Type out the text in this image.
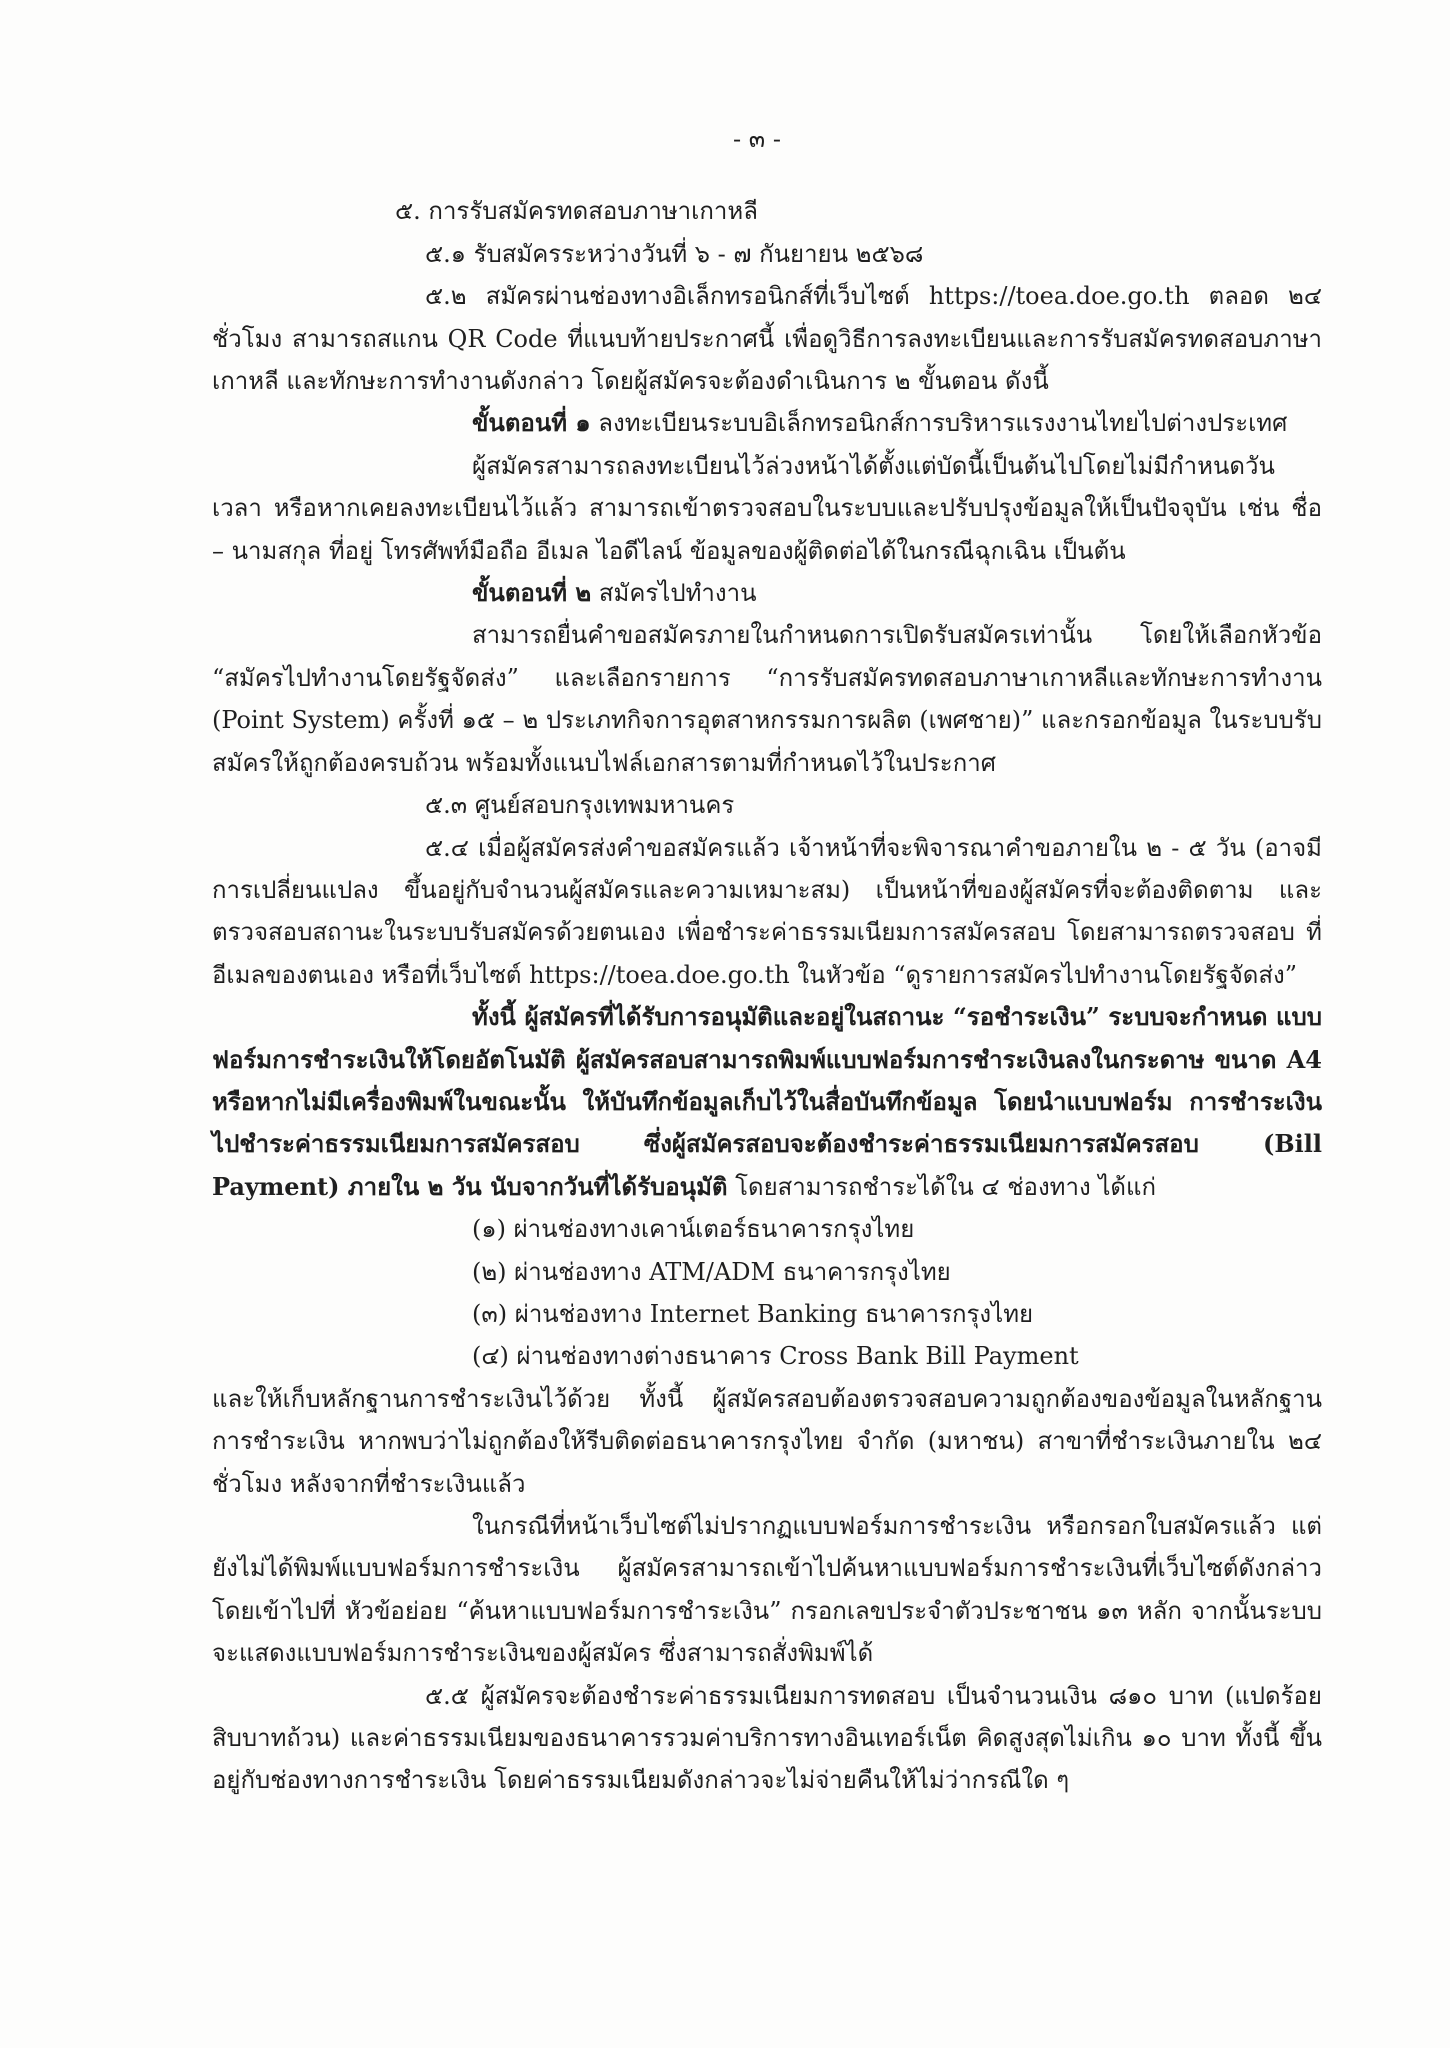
- ๓ -
๕. การรับสมัครทดสอบภาษาเกาหลี

๕.๑ รับสมัครระหว่างวันที่ ๖ - ๗ กันยายน ๒๕๖๘

๕.๒ สมัครผ่านช่องทางอิเล็กทรอนิกส์ที่เว็บไซต์ https://toea.doe.go.th ตลอด ๒๔ ชั่วโมง สามารถสแกน QR Code ที่แนบท้ายประกาศนี้ เพื่อดูวิธีการลงทะเบียนและการรับสมัครทดสอบภาษาเกาหลี และทักษะการทำงานดังกล่าว โดยผู้สมัครจะต้องดำเนินการ ๒ ขั้นตอน ดังนี้

ขั้นตอนที่ ๑ ลงทะเบียนระบบอิเล็กทรอนิกส์การบริหารแรงงานไทยไปต่างประเทศ

ผู้สมัครสามารถลงทะเบียนไว้ล่วงหน้าได้ตั้งแต่บัดนี้เป็นต้นไปโดยไม่มีกำหนดวันเวลา หรือหากเคยลงทะเบียนไว้แล้ว สามารถเข้าตรวจสอบในระบบและปรับปรุงข้อมูลให้เป็นปัจจุบัน เช่น ชื่อ – นามสกุล ที่อยู่ โทรศัพท์มือถือ อีเมล ไอดีไลน์ ข้อมูลของผู้ติดต่อได้ในกรณีฉุกเฉิน เป็นต้น

ขั้นตอนที่ ๒ สมัครไปทำงาน

สามารถยื่นคำขอสมัครภายในกำหนดการเปิดรับสมัครเท่านั้น โดยให้เลือกหัวข้อ “สมัครไปทำงานโดยรัฐจัดส่ง” และเลือกรายการ “การรับสมัครทดสอบภาษาเกาหลีและทักษะการทำงาน (Point System) ครั้งที่ ๑๕ – ๒ ประเภทกิจการอุตสาหกรรมการผลิต (เพศชาย)” และกรอกข้อมูล ในระบบรับสมัครให้ถูกต้องครบถ้วน พร้อมทั้งแนบไฟล์เอกสารตามที่กำหนดไว้ในประกาศ

๕.๓ ศูนย์สอบกรุงเทพมหานคร

๕.๔ เมื่อผู้สมัครส่งคำขอสมัครแล้ว เจ้าหน้าที่จะพิจารณาคำขอภายใน ๒ - ๕ วัน (อาจมีการเปลี่ยนแปลง ขึ้นอยู่กับจำนวนผู้สมัครและความเหมาะสม) เป็นหน้าที่ของผู้สมัครที่จะต้องติดตาม และตรวจสอบสถานะในระบบรับสมัครด้วยตนเอง เพื่อชำระค่าธรรมเนียมการสมัครสอบ โดยสามารถตรวจสอบ ที่อีเมลของตนเอง หรือที่เว็บไซต์ https://toea.doe.go.th ในหัวข้อ “ดูรายการสมัครไปทำงานโดยรัฐจัดส่ง”

ทั้งนี้ ผู้สมัครที่ได้รับการอนุมัติและอยู่ในสถานะ “รอชำระเงิน” ระบบจะกำหนด แบบฟอร์มการชำระเงินให้โดยอัตโนมัติ ผู้สมัครสอบสามารถพิมพ์แบบฟอร์มการชำระเงินลงในกระดาษ ขนาด A4 หรือหากไม่มีเครื่องพิมพ์ในขณะนั้น ให้บันทึกข้อมูลเก็บไว้ในสื่อบันทึกข้อมูล โดยนำแบบฟอร์ม การชำระเงินไปชำระค่าธรรมเนียมการสมัครสอบ ซึ่งผู้สมัครสอบจะต้องชำระค่าธรรมเนียมการสมัครสอบ (Bill Payment) ภายใน ๒ วัน นับจากวันที่ได้รับอนุมัติ โดยสามารถชำระได้ใน ๔ ช่องทาง ได้แก่

(๑) ผ่านช่องทางเคาน์เตอร์ธนาคารกรุงไทย
(๒) ผ่านช่องทาง ATM/ADM ธนาคารกรุงไทย
(๓) ผ่านช่องทาง Internet Banking ธนาคารกรุงไทย
(๔) ผ่านช่องทางต่างธนาคาร Cross Bank Bill Payment

และให้เก็บหลักฐานการชำระเงินไว้ด้วย ทั้งนี้ ผู้สมัครสอบต้องตรวจสอบความถูกต้องของข้อมูลในหลักฐาน การชำระเงิน หากพบว่าไม่ถูกต้องให้รีบติดต่อธนาคารกรุงไทย จำกัด (มหาชน) สาขาที่ชำระเงินภายใน ๒๔ ชั่วโมง หลังจากที่ชำระเงินแล้ว

ในกรณีที่หน้าเว็บไซต์ไม่ปรากฏแบบฟอร์มการชำระเงิน หรือกรอกใบสมัครแล้ว แต่ยังไม่ได้พิมพ์แบบฟอร์มการชำระเงิน ผู้สมัครสามารถเข้าไปค้นหาแบบฟอร์มการชำระเงินที่เว็บไซต์ดังกล่าว โดยเข้าไปที่ หัวข้อย่อย “ค้นหาแบบฟอร์มการชำระเงิน” กรอกเลขประจำตัวประชาชน ๑๓ หลัก จากนั้นระบบ จะแสดงแบบฟอร์มการชำระเงินของผู้สมัคร ซึ่งสามารถสั่งพิมพ์ได้

๕.๕ ผู้สมัครจะต้องชำระค่าธรรมเนียมการทดสอบ เป็นจำนวนเงิน ๘๑๐ บาท (แปดร้อย สิบบาทถ้วน) และค่าธรรมเนียมของธนาคารรวมค่าบริการทางอินเทอร์เน็ต คิดสูงสุดไม่เกิน ๑๐ บาท ทั้งนี้ ขึ้นอยู่กับช่องทางการชำระเงิน โดยค่าธรรมเนียมดังกล่าวจะไม่จ่ายคืนให้ไม่ว่ากรณีใด ๆ
